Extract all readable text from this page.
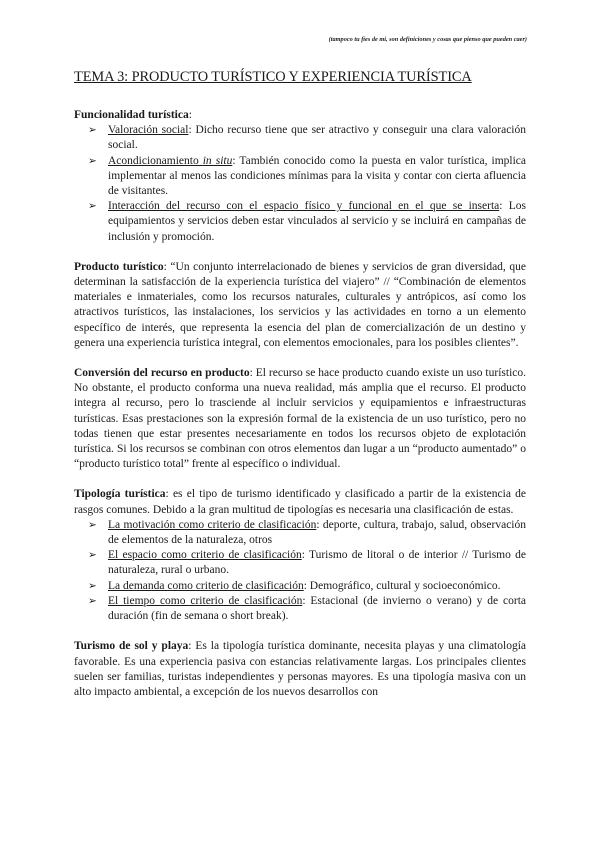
(tampoco tu fíes de mi, son definiciones y cosas que pienso que pueden caer)
TEMA 3: PRODUCTO TURÍSTICO Y EXPERIENCIA TURÍSTICA

Funcionalidad turística:

➢ Valoración social: Dicho recurso tiene que ser atractivo y conseguir una clara valoración social.
➢ Acondicionamiento in situ: También conocido como la puesta en valor turística, implica implementar al menos las condiciones mínimas para la visita y contar con cierta afluencia de visitantes.
➢ Interacción del recurso con el espacio físico y funcional en el que se inserta: Los equipamientos y servicios deben estar vinculados al servicio y se incluirá en campañas de inclusión y promoción.

Producto turístico: “Un conjunto interrelacionado de bienes y servicios de gran diversidad, que determinan la satisfacción de la experiencia turística del viajero” // “Combinación de elementos materiales e inmateriales, como los recursos naturales, culturales y antrópicos, así como los atractivos turísticos, las instalaciones, los servicios y las actividades en torno a un elemento específico de interés, que representa la esencia del plan de comercialización de un destino y genera una experiencia turística integral, con elementos emocionales, para los posibles clientes”.

Conversión del recurso en producto: El recurso se hace producto cuando existe un uso turístico. No obstante, el producto conforma una nueva realidad, más amplia que el recurso. El producto integra al recurso, pero lo trasciende al incluir servicios y equipamientos e infraestructuras turísticas. Esas prestaciones son la expresión formal de la existencia de un uso turístico, pero no todas tienen que estar presentes necesariamente en todos los recursos objeto de explotación turística. Si los recursos se combinan con otros elementos dan lugar a un “producto aumentado” o “producto turístico total” frente al específico o individual.

Tipología turística: es el tipo de turismo identificado y clasificado a partir de la existencia de rasgos comunes. Debido a la gran multitud de tipologías es necesaria una clasificación de estas.

➢ La motivación como criterio de clasificación: deporte, cultura, trabajo, salud, observación de elementos de la naturaleza, otros
➢ El espacio como criterio de clasificación: Turismo de litoral o de interior // Turismo de naturaleza, rural o urbano.
➢ La demanda como criterio de clasificación: Demográfico, cultural y socioeconómico.
➢ El tiempo como criterio de clasificación: Estacional (de invierno o verano) y de corta duración (fin de semana o short break).

Turismo de sol y playa: Es la tipología turística dominante, necesita playas y una climatología favorable. Es una experiencia pasiva con estancias relativamente largas. Los principales clientes suelen ser familias, turistas independientes y personas mayores. Es una tipología masiva con un alto impacto ambiental, a excepción de los nuevos desarrollos con
